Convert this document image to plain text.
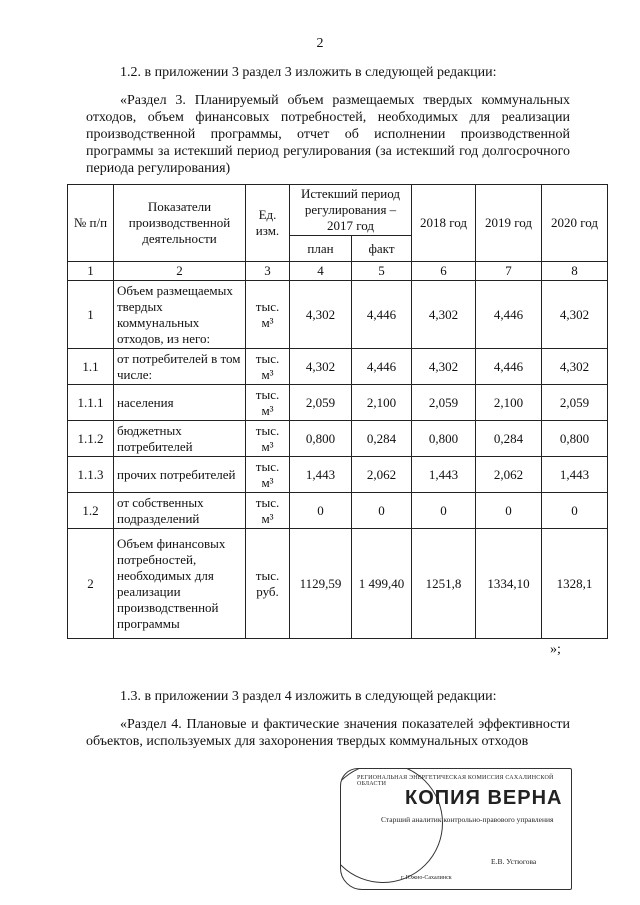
2
1.2. в приложении 3 раздел 3 изложить в следующей редакции:
«Раздел 3. Планируемый объем размещаемых твердых коммунальных отходов, объем финансовых потребностей, необходимых для реализации производственной программы, отчет об исполнении производственной программы за истекший период регулирования (за истекший год долгосрочного периода регулирования)
№ п/п	Показатели производственной деятельности	Ед. изм.	Истекший период регулирования – 2017 год		2018 год	2019 год	2020 год
			план	факт			
1	2	3	4	5	6	7	8
1	Объем размещаемых твердых коммунальных отходов, из него:	тыс. м³	4,302	4,446	4,302	4,446	4,302
1.1	от потребителей в том числе:	тыс. м³	4,302	4,446	4,302	4,446	4,302
1.1.1	населения	тыс. м³	2,059	2,100	2,059	2,100	2,059
1.1.2	бюджетных потребителей	тыс. м³	0,800	0,284	0,800	0,284	0,800
1.1.3	прочих потребителей	тыс. м³	1,443	2,062	1,443	2,062	1,443
1.2	от собственных подразделений	тыс. м³	0	0	0	0	0
2	Объем финансовых потребностей, необходимых для реализации производственной программы	тыс. руб.	1129,59	1 499,40	1251,8	1334,10	1328,1
»;
1.3. в приложении 3 раздел 4 изложить в следующей редакции:
«Раздел 4. Плановые и фактические значения показателей эффективности объектов, используемых для захоронения твердых коммунальных отходов
РЕГИОНАЛЬНАЯ ЭНЕРГЕТИЧЕСКАЯ КОМИССИЯ САХАЛИНСКОЙ ОБЛАСТИ
КОПИЯ ВЕРНА
Старший аналитик контрольно-правового управления
Е.В. Устюгова
г. Южно-Сахалинск
